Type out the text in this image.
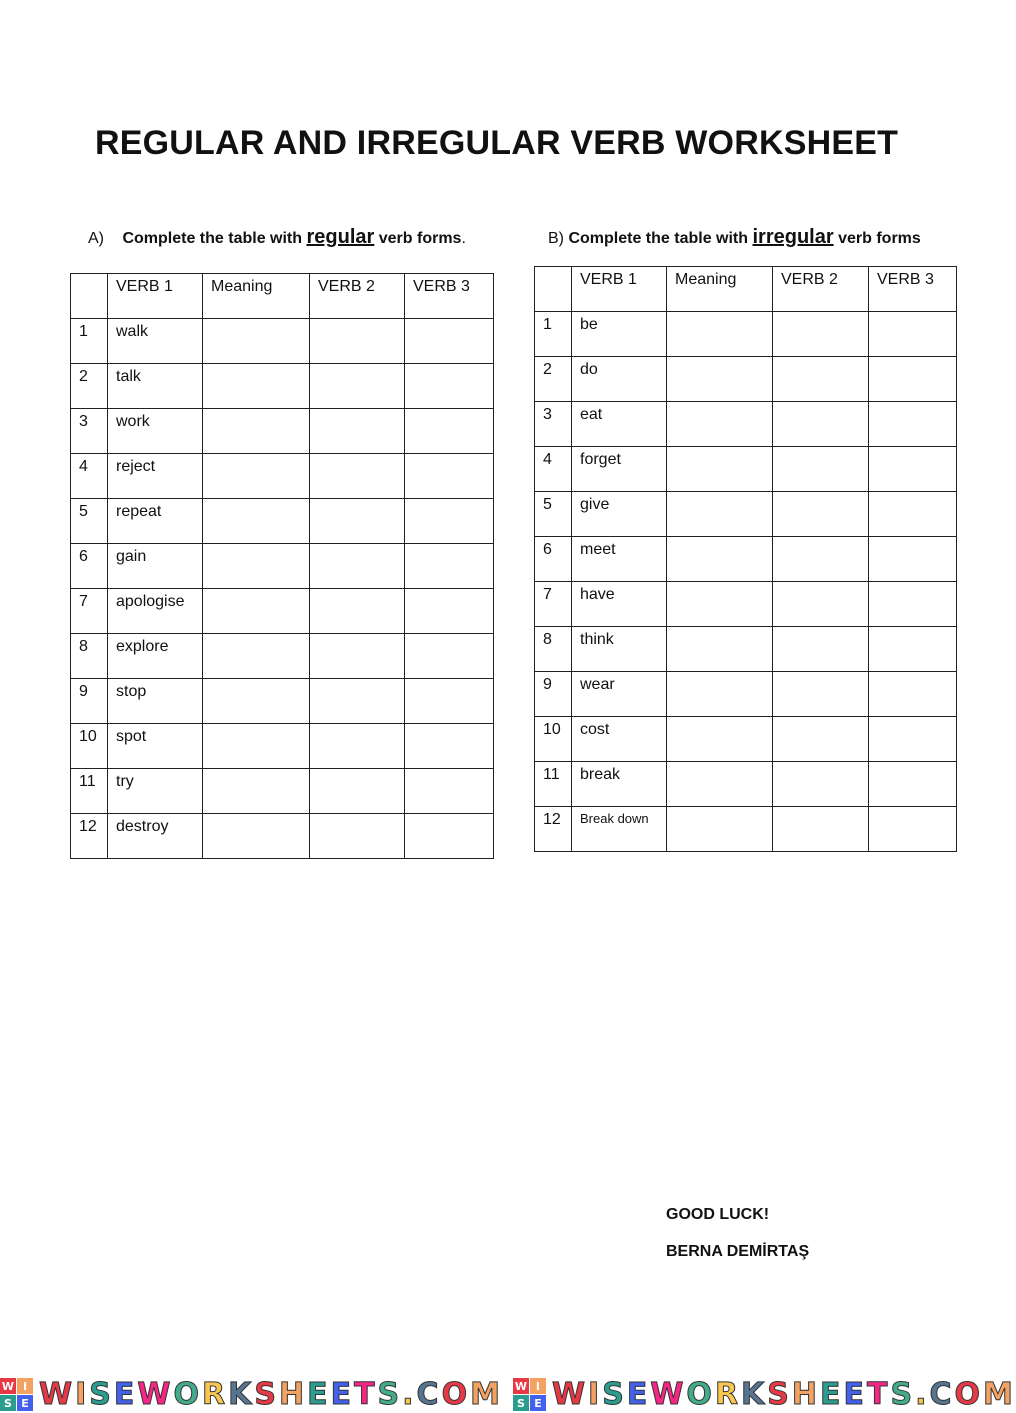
REGULAR AND IRREGULAR VERB WORKSHEET
A) Complete the table with regular verb forms.	B) Complete the table with irregular verb forms
	VERB 1	Meaning	VERB 2	VERB 3
1	walk			
2	talk			
3	work			
4	reject			
5	repeat			
6	gain			
7	apologise			
8	explore			
9	stop			
10	spot			
11	try			
12	destroy			
	VERB 1	Meaning	VERB 2	VERB 3
1	be			
2	do			
3	eat			
4	forget			
5	give			
6	meet			
7	have			
8	think			
9	wear			
10	cost			
11	break			
12	Break down			
GOOD LUCK!
BERNA DEMİRTAŞ
W I
S E WISEWORKSHEETS.COM W I
S E WISEWORKSHEETS.COM
